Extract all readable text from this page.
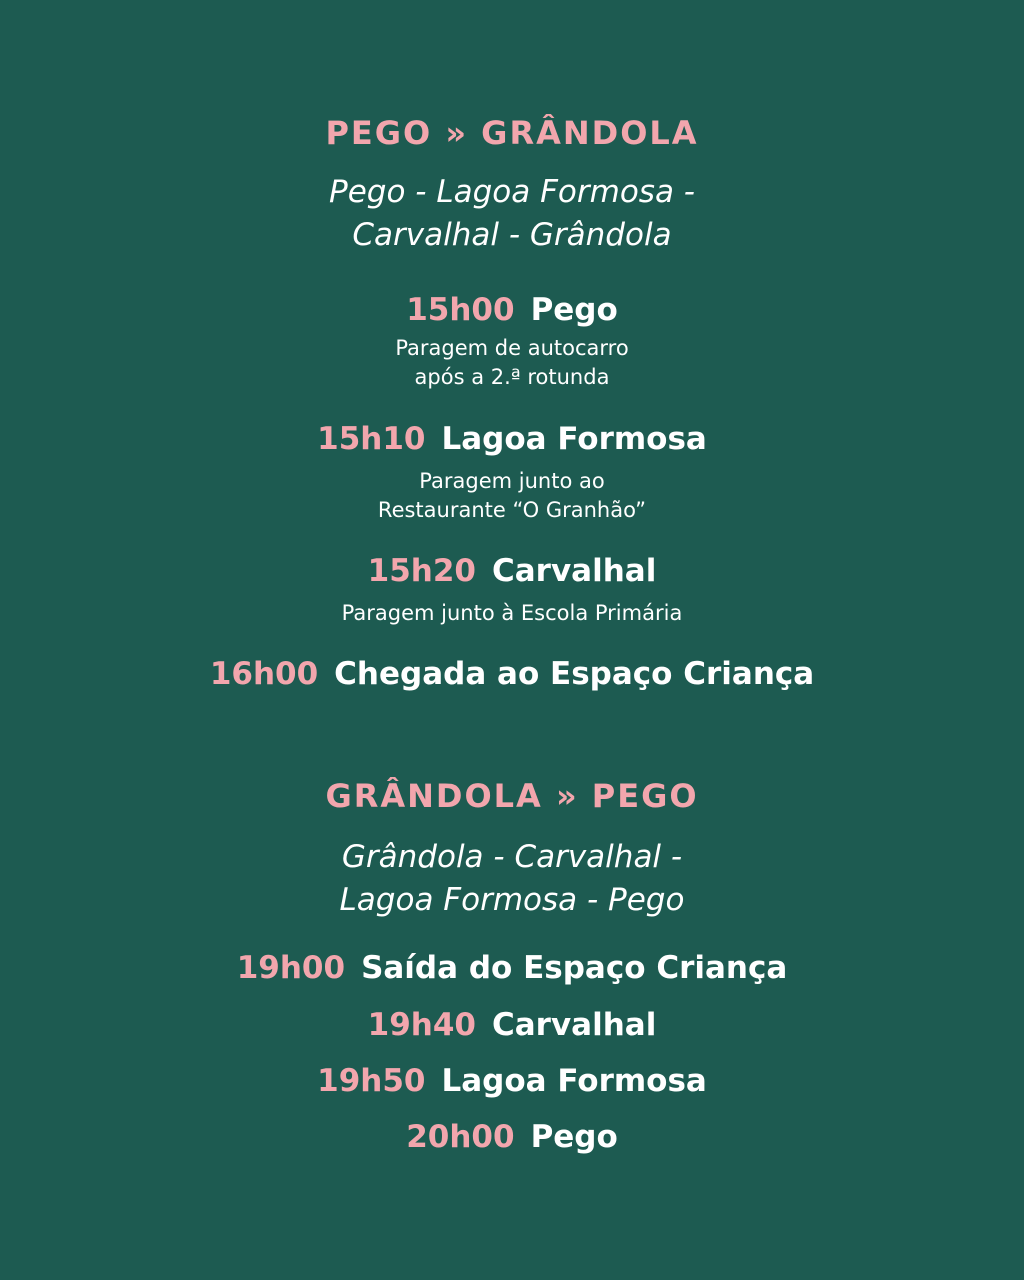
PEGO » GRÂNDOLA
Pego - Lagoa Formosa -
Carvalhal - Grândola
15h00 Pego
Paragem de autocarro
após a 2.ª rotunda
15h10 Lagoa Formosa
Paragem junto ao
Restaurante “O Granhão”
15h20 Carvalhal
Paragem junto à Escola Primária
16h00 Chegada ao Espaço Criança
GRÂNDOLA » PEGO
Grândola - Carvalhal -
Lagoa Formosa - Pego
19h00 Saída do Espaço Criança
19h40 Carvalhal
19h50 Lagoa Formosa
20h00 Pego
